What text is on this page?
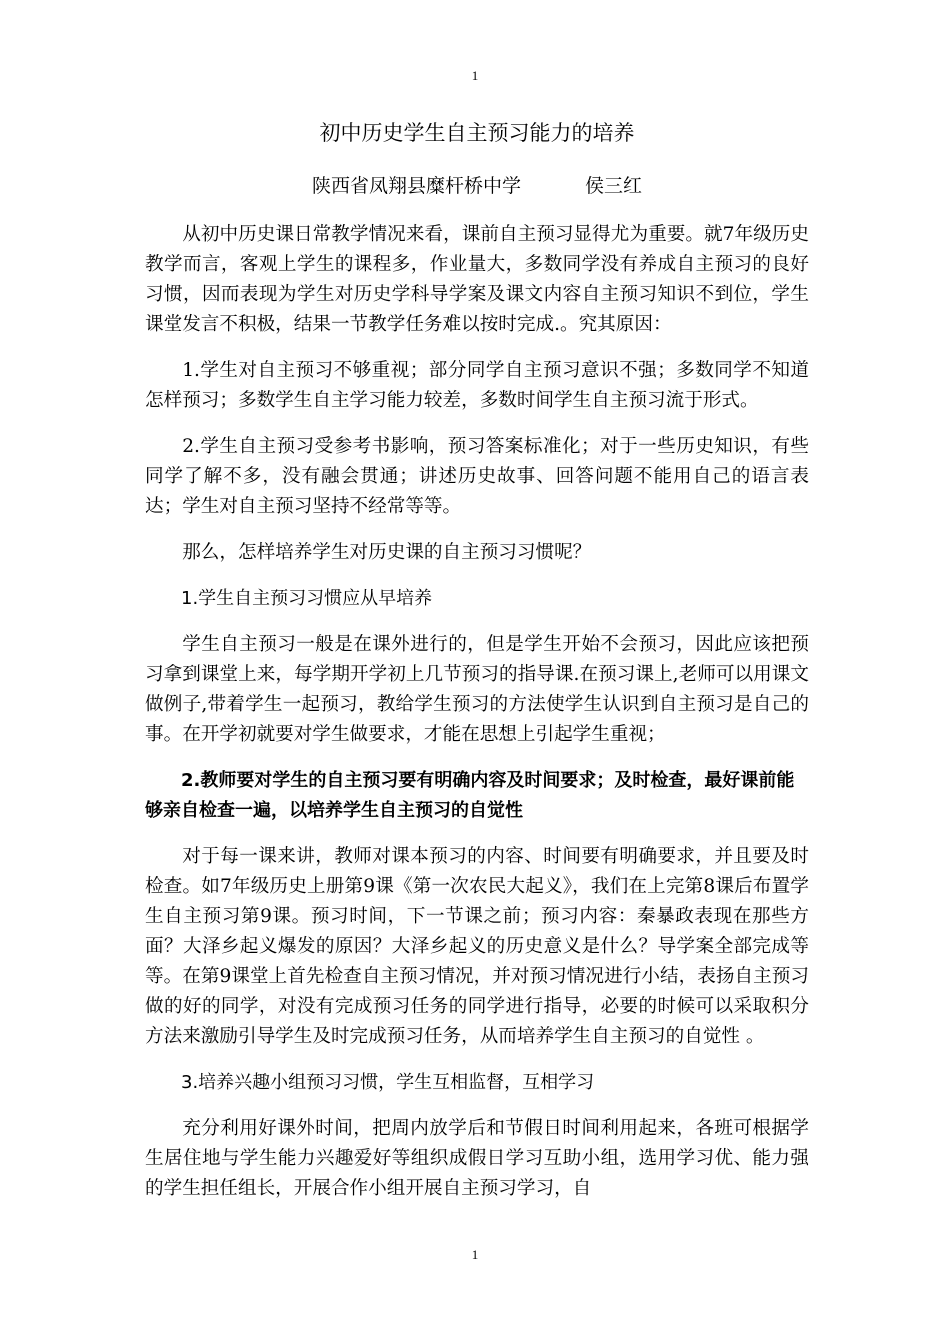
1
初中历史学生自主预习能力的培养
陕西省凤翔县糜杆桥中学	侯三红

从初中历史课日常教学情况来看，课前自主预习显得尤为重要。就7年级历史教学而言，客观上学生的课程多，作业量大，多数同学没有养成自主预习的良好习惯，因而表现为学生对历史学科导学案及课文内容自主预习知识不到位，学生课堂发言不积极，结果一节教学任务难以按时完成.。究其原因：

1.学生对自主预习不够重视；部分同学自主预习意识不强；多数同学不知道怎样预习；多数学生自主学习能力较差，多数时间学生自主预习流于形式。

2.学生自主预习受参考书影响，预习答案标准化；对于一些历史知识，有些同学了解不多，没有融会贯通；讲述历史故事、回答问题不能用自己的语言表达；学生对自主预习坚持不经常等等。

那么，怎样培养学生对历史课的自主预习习惯呢？

1.学生自主预习习惯应从早培养

学生自主预习一般是在课外进行的，但是学生开始不会预习，因此应该把预习拿到课堂上来，每学期开学初上几节预习的指导课.在预习课上,老师可以用课文做例子,带着学生一起预习，教给学生预习的方法使学生认识到自主预习是自己的事。在开学初就要对学生做要求，才能在思想上引起学生重视；

2.教师要对学生的自主预习要有明确内容及时间要求；及时检查，最好课前能够亲自检查一遍，以培养学生自主预习的自觉性

对于每一课来讲，教师对课本预习的内容、时间要有明确要求，并且要及时检查。如7年级历史上册第9课《第一次农民大起义》，我们在上完第8课后布置学生自主预习第9课。预习时间，下一节课之前；预习内容：秦暴政表现在那些方面？大泽乡起义爆发的原因？大泽乡起义的历史意义是什么？导学案全部完成等等。在第9课堂上首先检查自主预习情况，并对预习情况进行小结，表扬自主预习做的好的同学，对没有完成预习任务的同学进行指导，必要的时候可以采取积分方法来激励引导学生及时完成预习任务，从而培养学生自主预习的自觉性 。

3.培养兴趣小组预习习惯，学生互相监督，互相学习

充分利用好课外时间，把周内放学后和节假日时间利用起来，各班可根据学生居住地与学生能力兴趣爱好等组织成假日学习互助小组，选用学习优、能力强的学生担任组长，开展合作小组开展自主预习学习，自

1
